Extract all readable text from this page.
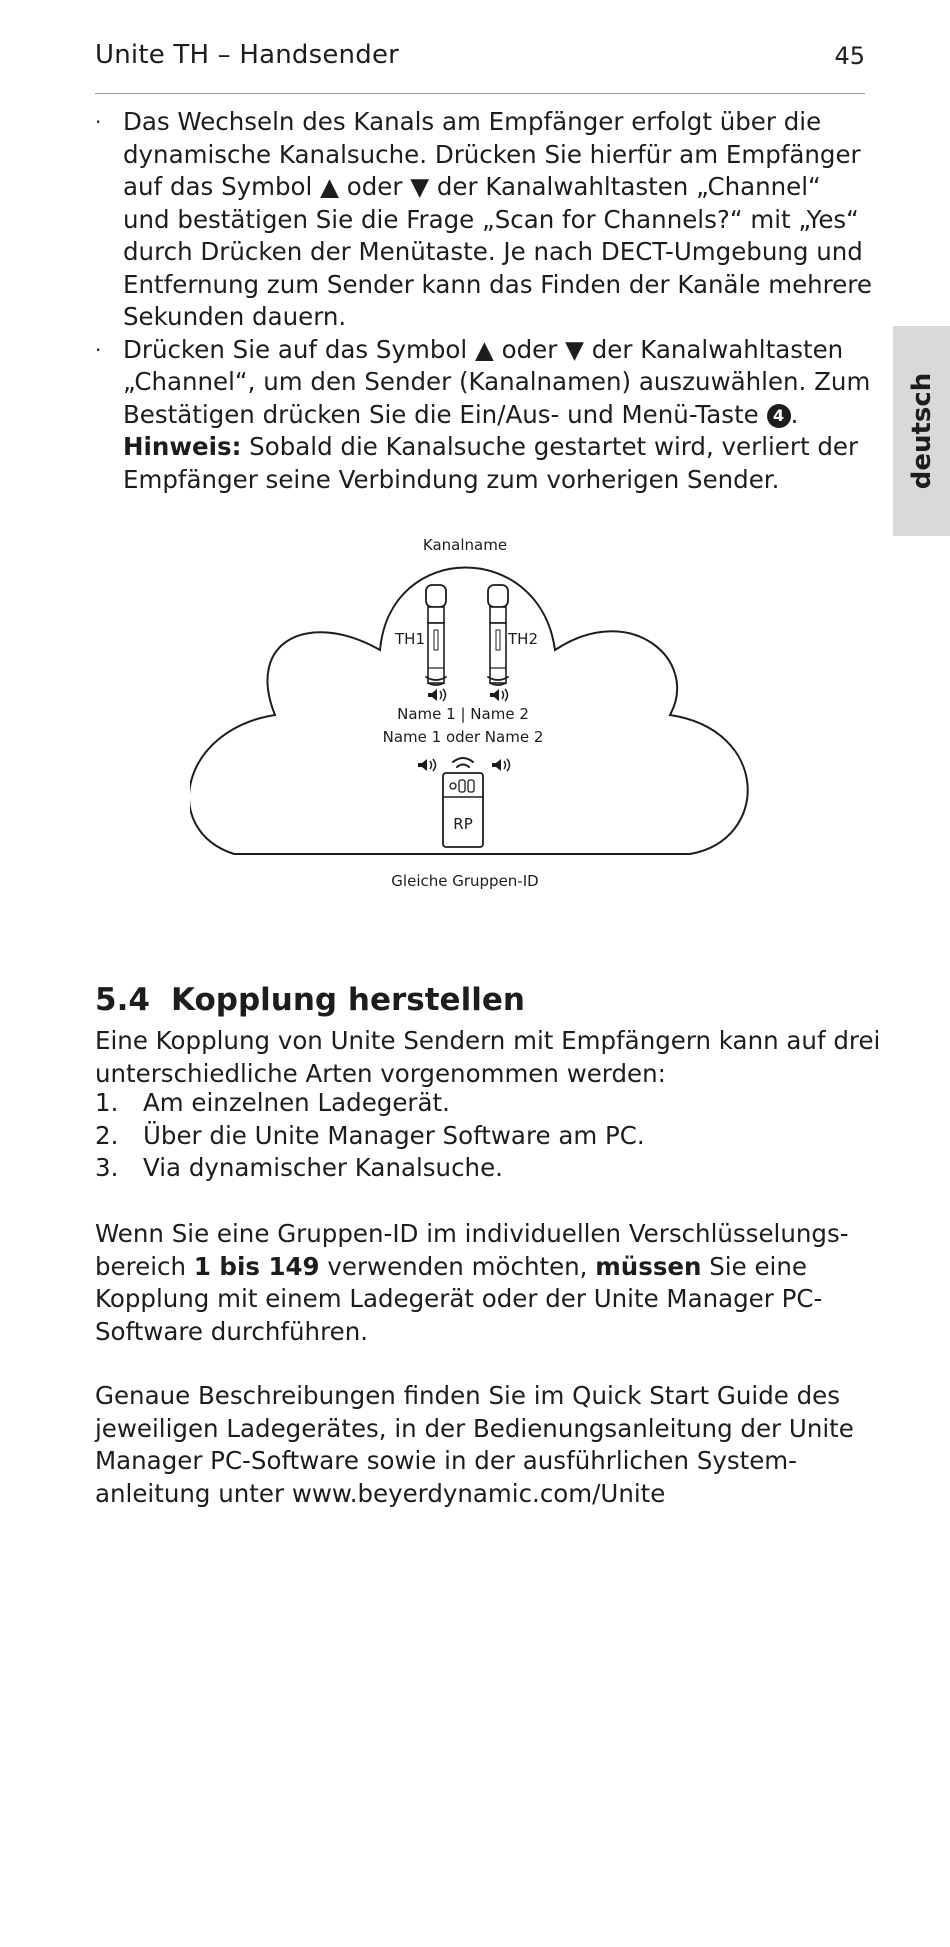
Unite TH – Handsender	45
deutsch
· Das Wechseln des Kanals am Empfänger erfolgt über die dynamische Kanalsuche. Drücken Sie hierfür am Empfänger auf das Symbol ▲ oder ▼ der Kanalwahltasten „Channel“ und bestätigen Sie die Frage „Scan for Channels?“ mit „Yes“ durch Drücken der Menütaste. Je nach DECT-Umgebung und Entfernung zum Sender kann das Finden der Kanäle mehrere Sekunden dauern.
· Drücken Sie auf das Symbol ▲ oder ▼ der Kanalwahltasten „Channel“, um den Sender (Kanalnamen) auszuwählen. Zum Bestätigen drücken Sie die Ein/Aus- und Menü-Taste 4 .
Hinweis: Sobald die Kanalsuche gestartet wird, verliert der Empfänger seine Verbindung zum vorherigen Sender.
Kanalname
TH1	TH2
Name 1 | Name 2
Name 1 oder Name 2
RP
Gleiche Gruppen-ID
5.4 Kopplung herstellen

Eine Kopplung von Unite Sendern mit Empfängern kann auf drei unterschiedliche Arten vorgenommen werden:

1. Am einzelnen Ladegerät.
2. Über die Unite Manager Software am PC.
3. Via dynamischer Kanalsuche.

Wenn Sie eine Gruppen-ID im individuellen Verschlüsselungs-bereich 1 bis 149 verwenden möchten, müssen Sie eine Kopplung mit einem Ladegerät oder der Unite Manager PC-Software durchführen.

Genaue Beschreibungen finden Sie im Quick Start Guide des jeweiligen Ladegerätes, in der Bedienungsanleitung der Unite Manager PC-Software sowie in der ausführlichen System-anleitung unter www.beyerdynamic.com/Unite
